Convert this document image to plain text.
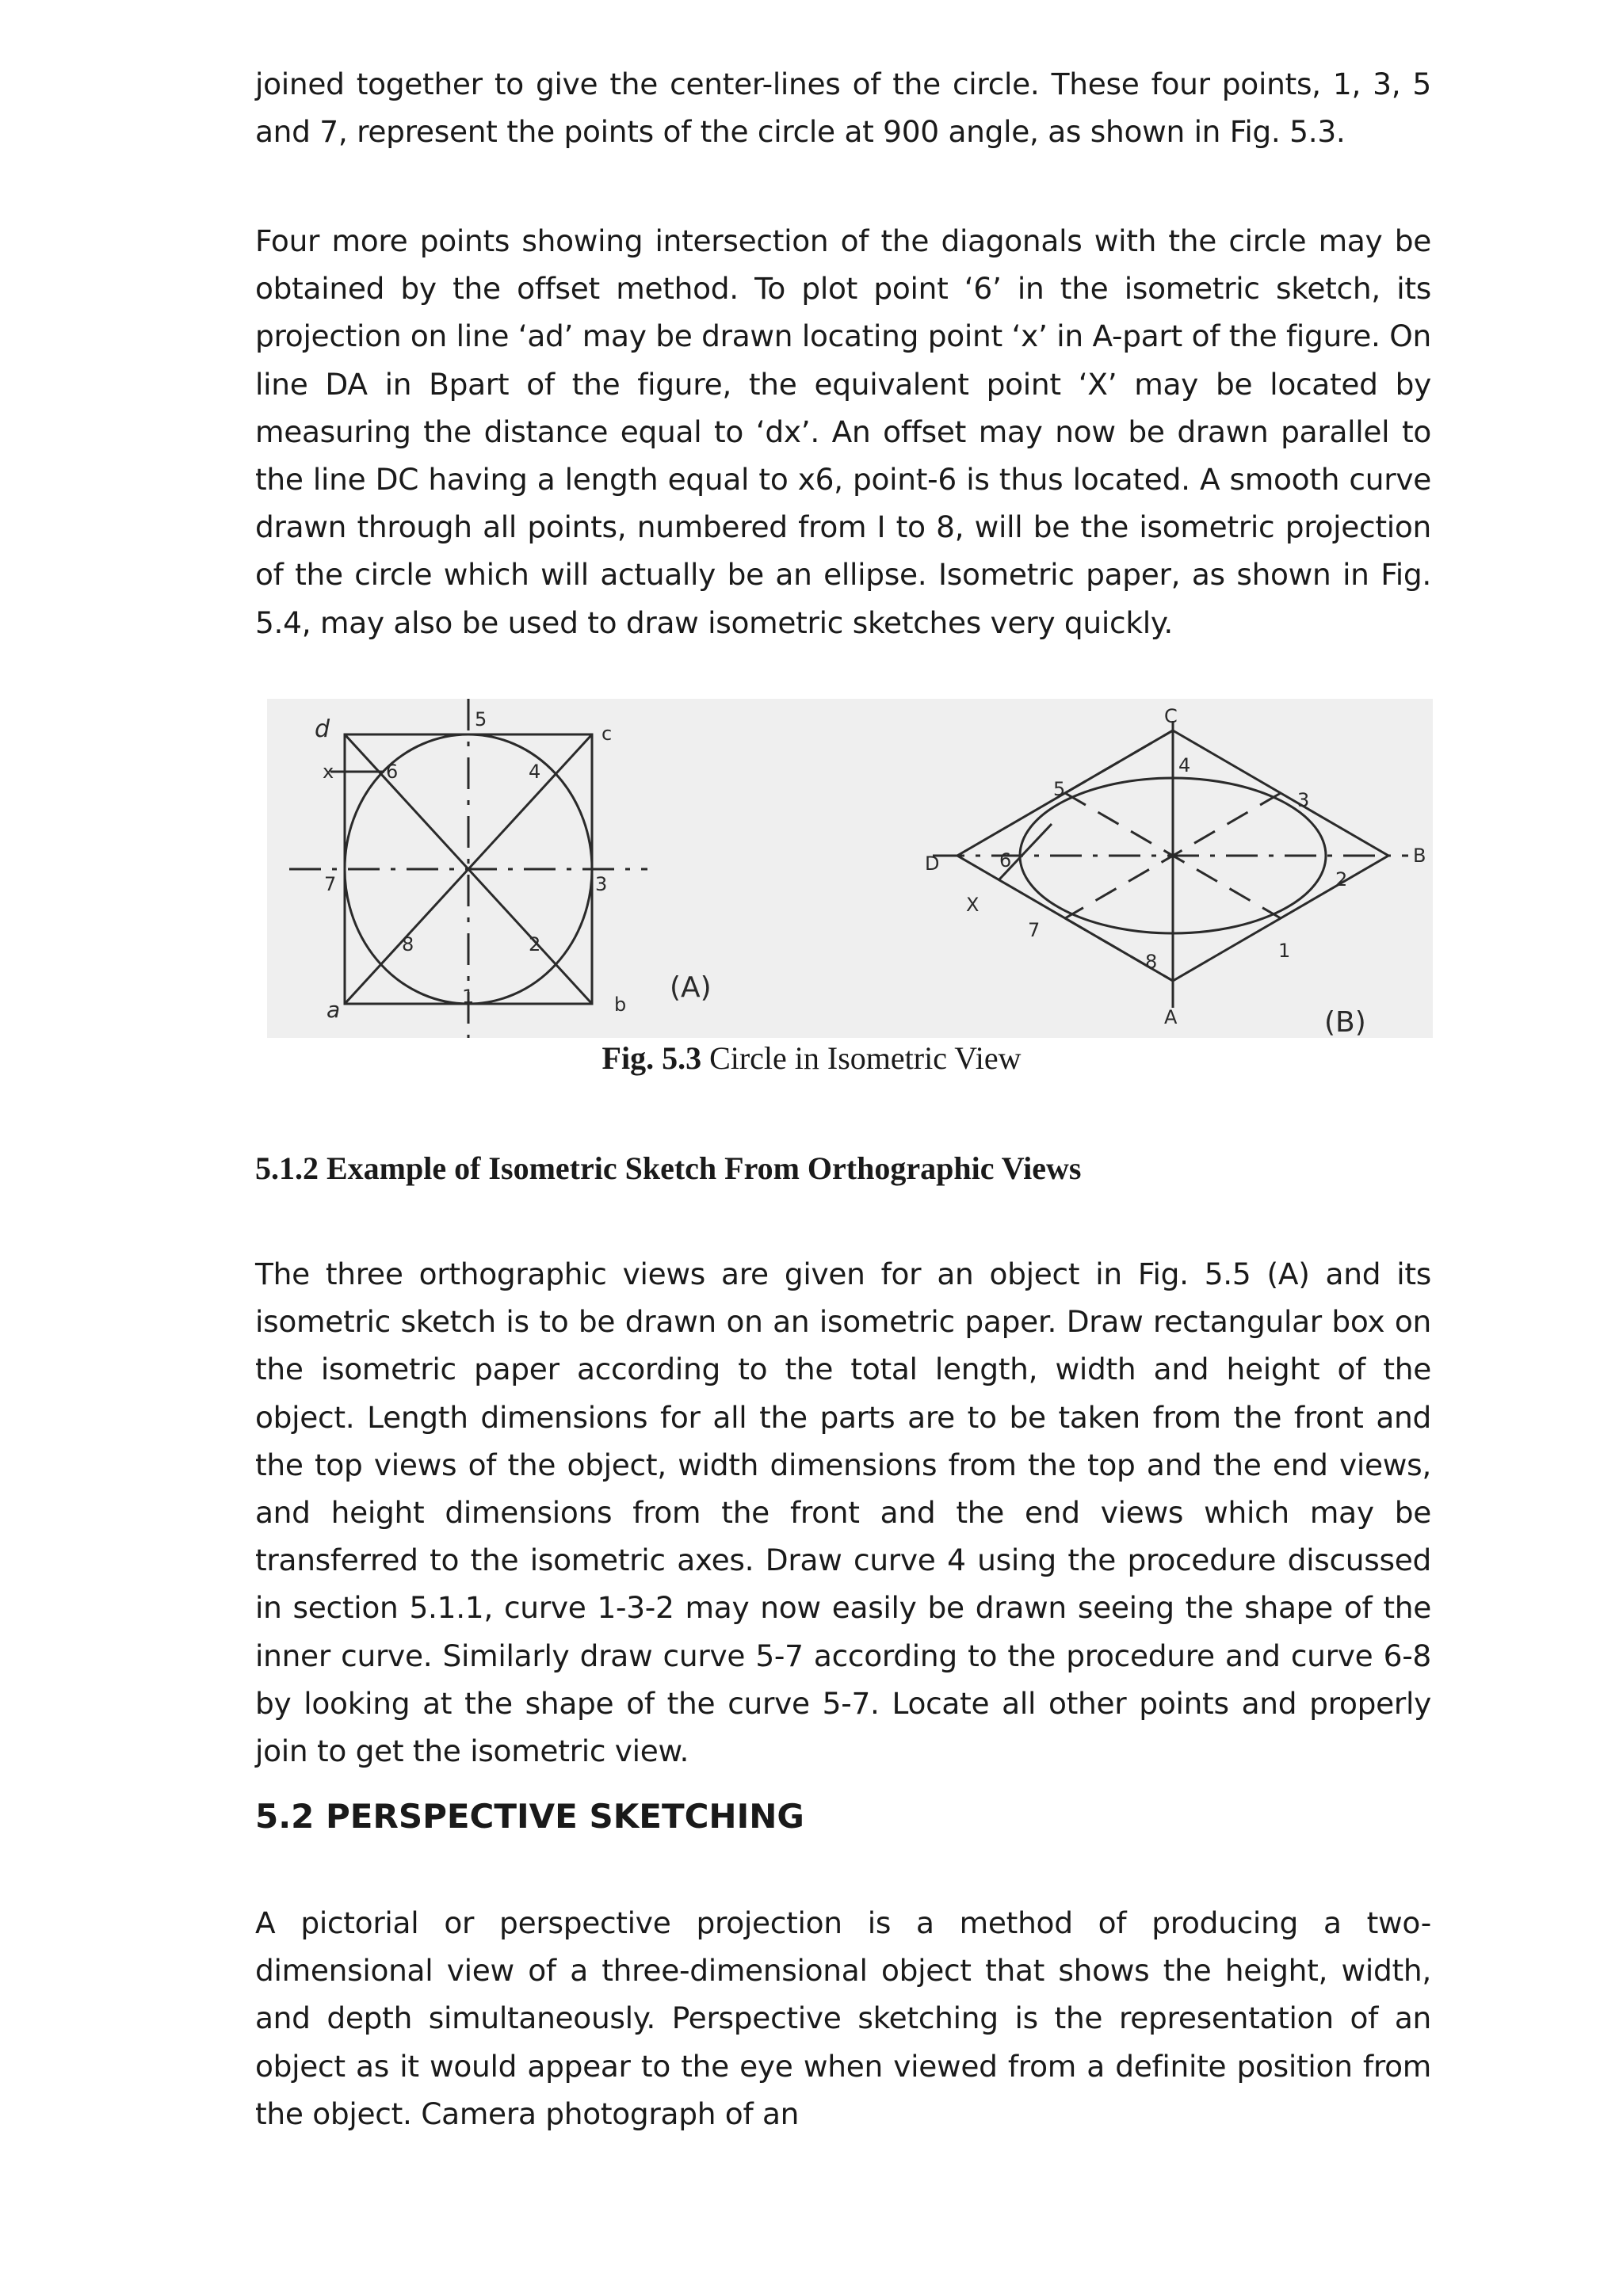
joined together to give the center-lines of the circle. These four points, 1, 3, 5 and 7, represent the points of the circle at 900 angle, as shown in Fig. 5.3.

Four more points showing intersection of the diagonals with the circle may be obtained by the offset method. To plot point ‘6’ in the isometric sketch, its projection on line ‘ad’ may be drawn locating point ‘x’ in A-part of the figure. On line DA in Bpart of the figure, the equivalent point ‘X’ may be located by measuring the distance equal to ‘dx’. An offset may now be drawn parallel to the line DC having a length equal to x6, point-6 is thus located. A smooth curve drawn through all points, numbered from I to 8, will be the isometric projection of the circle which will actually be an ellipse. Isometric paper, as shown in Fig. 5.4, may also be used to draw isometric sketches very quickly.

d	c
a	b
x
5
6	4
7	3
8	2
1	(A)
C
B
A
D
X
4
5	3
6
2
7
8	1
(B)
Fig. 5.3 Circle in Isometric View
5.1.2 Example of Isometric Sketch From Orthographic Views

The three orthographic views are given for an object in Fig. 5.5 (A) and its isometric sketch is to be drawn on an isometric paper. Draw rectangular box on the isometric paper according to the total length, width and height of the object. Length dimensions for all the parts are to be taken from the front and the top views of the object, width dimensions from the top and the end views, and height dimensions from the front and the end views which may be transferred to the isometric axes. Draw curve 4 using the procedure discussed in section 5.1.1, curve 1-3-2 may now easily be drawn seeing the shape of the inner curve. Similarly draw curve 5-7 according to the procedure and curve 6-8 by looking at the shape of the curve 5-7. Locate all other points and properly join to get the isometric view.

5.2 PERSPECTIVE SKETCHING

A pictorial or perspective projection is a method of producing a two-dimensional view of a three-dimensional object that shows the height, width, and depth simultaneously. Perspective sketching is the representation of an object as it would appear to the eye when viewed from a definite position from the object. Camera photograph of an
